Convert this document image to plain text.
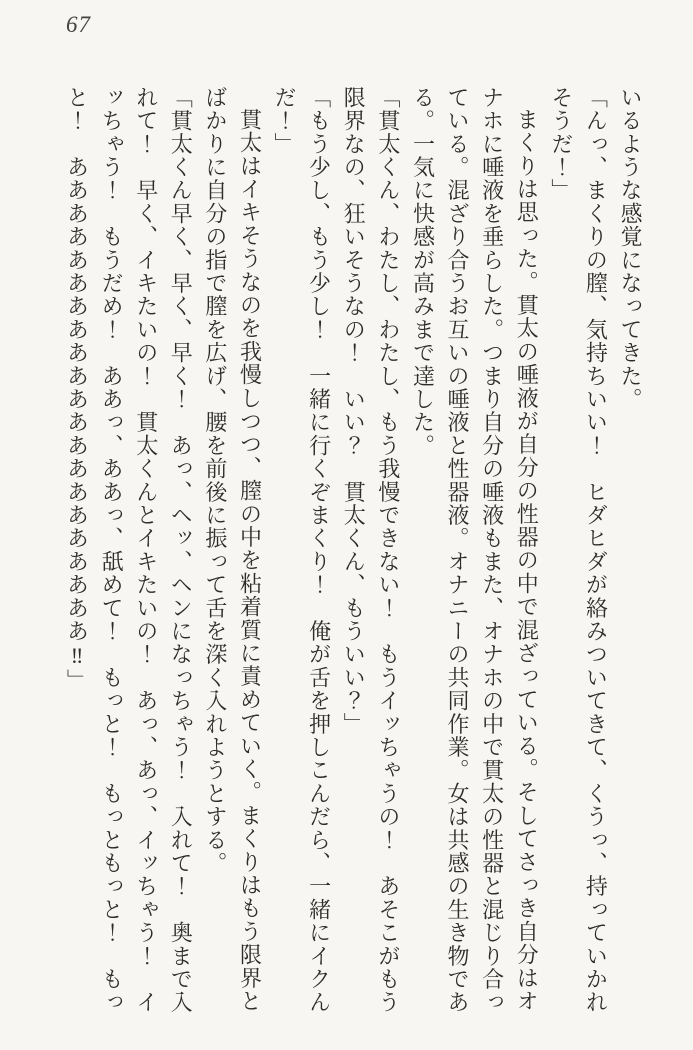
67

いるような感覚になってきた。

「んっ、まくりの膣、気持ちいい！　ヒダヒダが絡みついてきて、くうっ、持っていかれそうだ！」

まくりは思った。貫太の唾液が自分の性器の中で混ざっている。そしてさっき自分はオナホに唾液を垂らした。つまり自分の唾液もまた、オナホの中で貫太の性器と混じり合っている。混ざり合うお互いの唾液と性器液。オナニーの共同作業。女は共感の生き物である。一気に快感が高みまで達した。

「貫太くん、わたし、わたし、もう我慢できない！　もうイッちゃうの！　あそこがもう限界なの、狂いそうなの！　いい？　貫太くん、もういい？」

「もう少し、もう少し！　一緒に行くぞまくり！　俺が舌を押しこんだら、一緒にイクんだ！」

貫太はイキそうなのを我慢しつつ、膣の中を粘着質に責めていく。まくりはもう限界とばかりに自分の指で膣を広げ、腰を前後に振って舌を深く入れようとする。

「貫太くん早く、早く、早く！　あっ、ヘッ、ヘンになっちゃう！　入れて！　奥まで入れて！　早く、イキたいの！　貫太くんとイキたいの！　あっ、あっ、イッちゃう！　イッちゃう！　もうだめ！　ああっ、ああっ、舐めて！　もっと！　もっともっと！　もっと！　あああああああああああああああああああああ‼」
